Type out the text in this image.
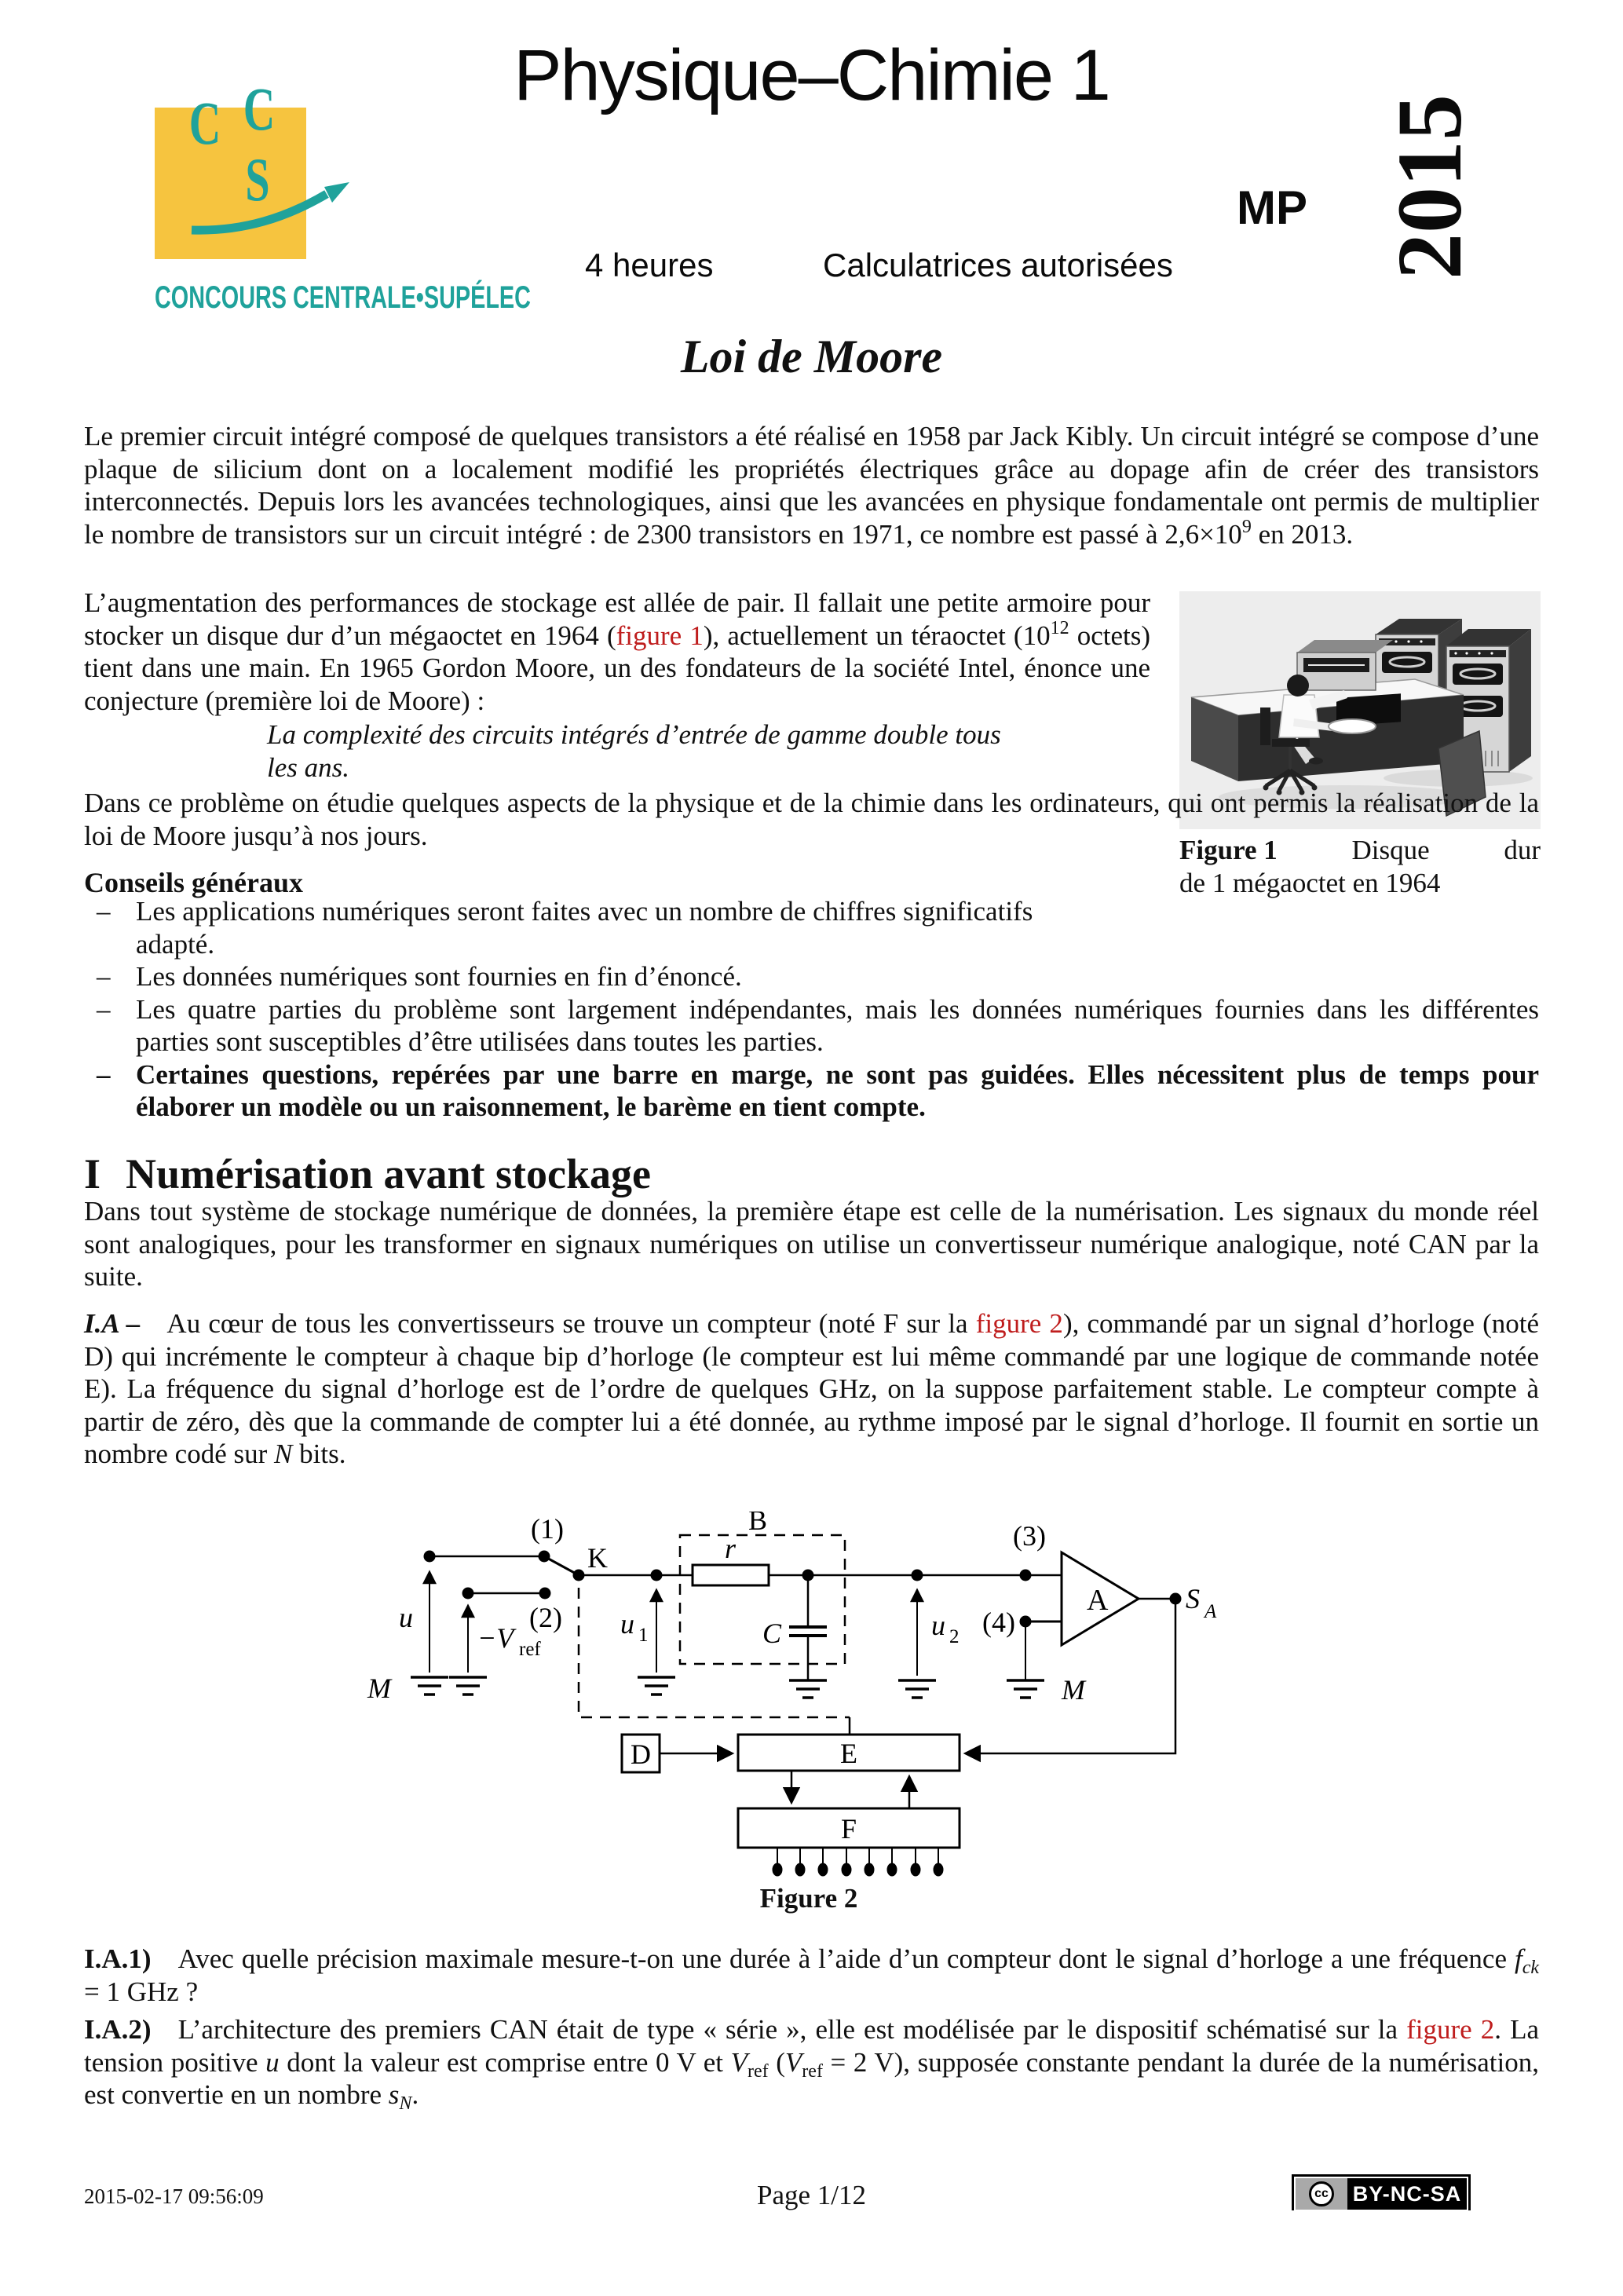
C C
S
CONCOURS CENTRALE•SUPÉLEC
Physique–Chimie 1
MP 2015
4 heures	Calculatrices autorisées
Loi de Moore

Le premier circuit intégré composé de quelques transistors a été réalisé en 1958 par Jack Kibly. Un circuit intégré se compose d’une plaque de silicium dont on a localement modifié les propriétés électriques grâce au dopage afin de créer des transistors interconnectés. Depuis lors les avancées technologiques, ainsi que les avancées en physique fondamentale ont permis de multiplier le nombre de transistors sur un circuit intégré : de 2300 transistors en 1971, ce nombre est passé à $2,6\times 10^9$ en 2013.

Figure 1	Disque	dur
de 1 mégaoctet en 1964

L’augmentation des performances de stockage est allée de pair. Il fallait une petite armoire pour stocker un disque dur d’un mégaoctet en 1964 (figure 1), actuellement un téraoctet ($10^{12}$ octets) tient dans une main. En 1965 Gordon Moore, un des fondateurs de la société Intel, énonce une conjecture (première loi de Moore) :

La complexité des circuits intégrés d’entrée de gamme double tous
les ans.

Dans ce problème on étudie quelques aspects de la physique et de la chimie dans les ordinateurs, qui ont permis la réalisation de la loi de Moore jusqu’à nos jours.

Conseils généraux
– Les applications numériques seront faites avec un nombre de chiffres significatifs
adapté.
– Les données numériques sont fournies en fin d’énoncé.
– Les quatre parties du problème sont largement indépendantes, mais les données numériques fournies dans les différentes parties sont susceptibles d’être utilisées dans toutes les parties.
– Certaines questions, repérées par une barre en marge, ne sont pas guidées. Elles nécessitent plus de temps pour élaborer un modèle ou un raisonnement, le barème en tient compte.
I Numérisation avant stockage

Dans tout système de stockage numérique de données, la première étape est celle de la numérisation. Les signaux du monde réel sont analogiques, pour les transformer en signaux numériques on utilise un convertisseur numérique analogique, noté CAN par la suite.

I.A – Au cœur de tous les convertisseurs se trouve un compteur (noté F sur la figure 2), commandé par un signal d’horloge (noté D) qui incrémente le compteur à chaque bip d’horloge (le compteur est lui même commandé par une logique de commande notée E). La fréquence du signal d’horloge est de l’ordre de quelques GHz, on la suppose parfaitement stable. Le compteur compte à partir de zéro, dès que la commande de compter lui a été donnée, au rythme imposé par le signal d’horloge. Il fournit en sortie un nombre codé sur N bits.

(1)
K
(2)
u
−V ref
M
B
r
C
u 1	u 2
(3)
(4)
M
A	S A
D	E
F
Figure 2

I.A.1) Avec quelle précision maximale mesure-t-on une durée à l’aide d’un compteur dont le signal d’horloge a une fréquence $f_{ck} = 1$ GHz ?

I.A.2) L’architecture des premiers CAN était de type « série », elle est modélisée par le dispositif schématisé sur la figure 2. La tension positive u dont la valeur est comprise entre 0 V et $V_{ref}$ ($V_{ref} = 2$ V), supposée constante pendant la durée de la numérisation, est convertie en un nombre $s_N$.

2015-02-17 09:56:09	Page 1/12	cc BY-NC-SA
